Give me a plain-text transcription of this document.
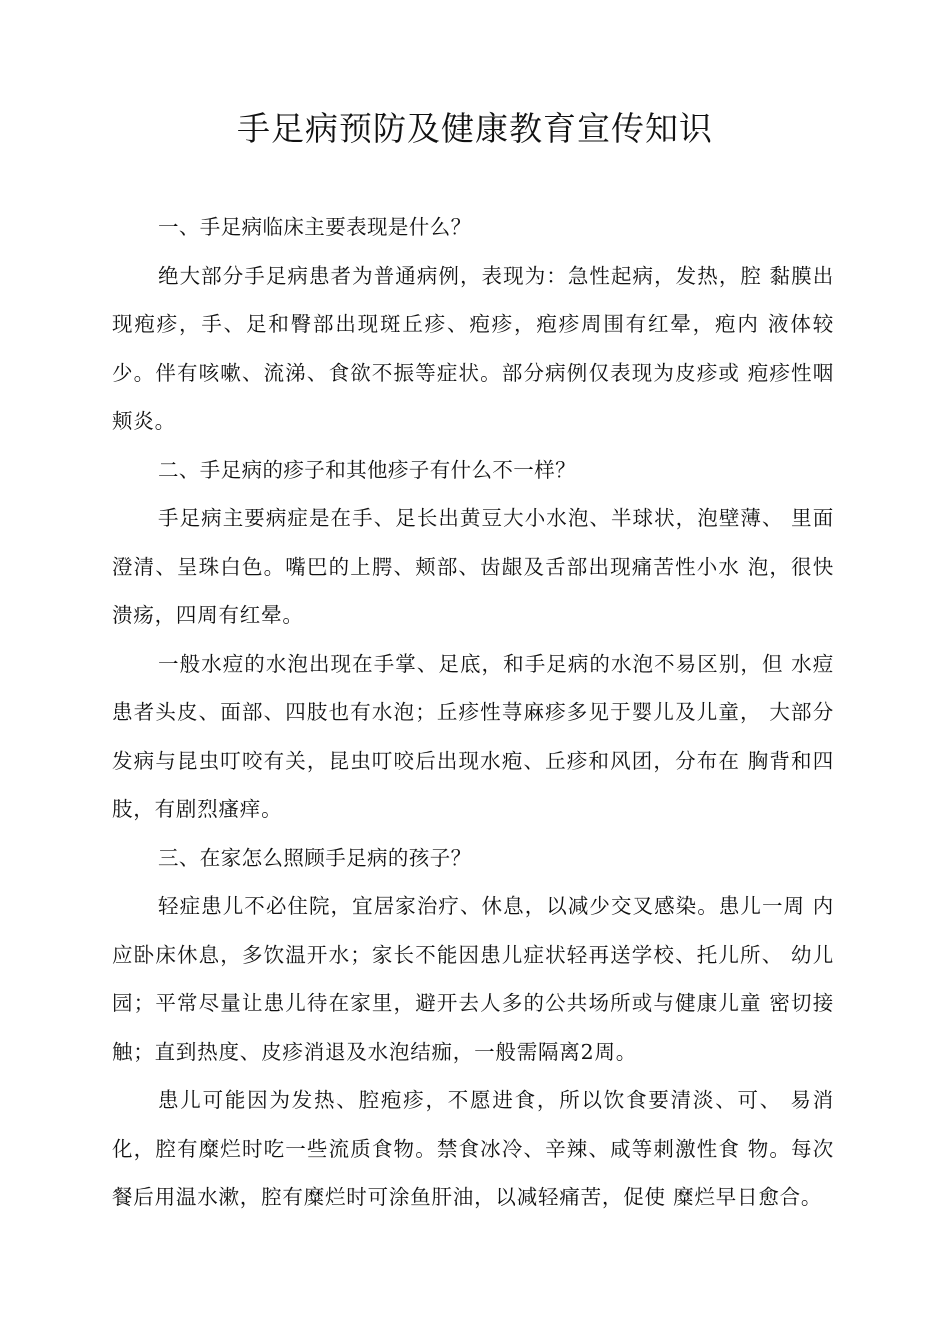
手足病预防及健康教育宣传知识

一、手足病临床主要表现是什么？

绝大部分手足病患者为普通病例，表现为：急性起病，发热，腔 黏膜出现疱疹，手、足和臀部出现斑丘疹、疱疹，疱疹周围有红晕，疱内 液体较少。伴有咳嗽、流涕、食欲不振等症状。部分病例仅表现为皮疹或 疱疹性咽颊炎。

二、手足病的疹子和其他疹子有什么不一样？

手足病主要病症是在手、足长出黄豆大小水泡、半球状，泡壁薄、 里面澄清、呈珠白色。嘴巴的上腭、颊部、齿龈及舌部出现痛苦性小水 泡，很快溃疡，四周有红晕。

一般水痘的水泡出现在手掌、足底，和手足病的水泡不易区别，但 水痘患者头皮、面部、四肢也有水泡；丘疹性荨麻疹多见于婴儿及儿童， 大部分发病与昆虫叮咬有关，昆虫叮咬后出现水疱、丘疹和风团，分布在 胸背和四肢，有剧烈瘙痒。

三、在家怎么照顾手足病的孩子？

轻症患儿不必住院，宜居家治疗、休息，以减少交叉感染。患儿一周 内应卧床休息，多饮温开水；家长不能因患儿症状轻再送学校、托儿所、 幼儿园；平常尽量让患儿待在家里，避开去人多的公共场所或与健康儿童 密切接触；直到热度、皮疹消退及水泡结痂，一般需隔离2周。

患儿可能因为发热、腔疱疹，不愿进食，所以饮食要清淡、可、 易消化，腔有糜烂时吃一些流质食物。禁食冰冷、辛辣、咸等刺激性食 物。每次餐后用温水漱，腔有糜烂时可涂鱼肝油，以减轻痛苦，促使 糜烂早日愈合。
